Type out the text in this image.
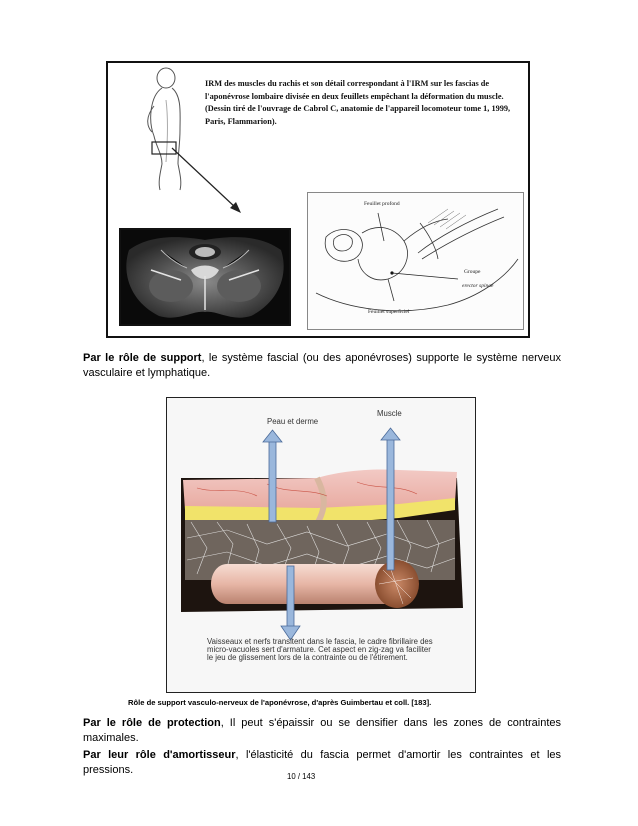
IRM des muscles du rachis et son détail correspondant à l'IRM sur les fascias de l'aponévrose lombaire divisée en deux feuillets empêchant la déformation du muscle. (Dessin tiré de l'ouvrage de Cabrol C, anatomie de l'appareil locomoteur tome 1, 1999, Paris, Flammarion).
Feuillet profond
Groupe
erector spinae
Feuillet superficiel
Par le rôle de support, le système fascial (ou des aponévroses) supporte le système nerveux vasculaire et lymphatique.
Peau et derme
Muscle
Vaisseaux et nerfs transitent dans le fascia, le cadre fibrillaire des micro-vacuoles sert d'armature. Cet aspect en zig-zag va faciliter le jeu de glissement lors de la contrainte ou de l'étirement.
Rôle de support vasculo-nerveux de l'aponévrose, d'après Guimbertau et coll. [183].
Par le rôle de protection, Il peut s'épaissir ou se densifier dans les zones de contraintes maximales.
Par leur rôle d'amortisseur, l'élasticité du fascia permet d'amortir les contraintes et les pressions.
10 / 143
